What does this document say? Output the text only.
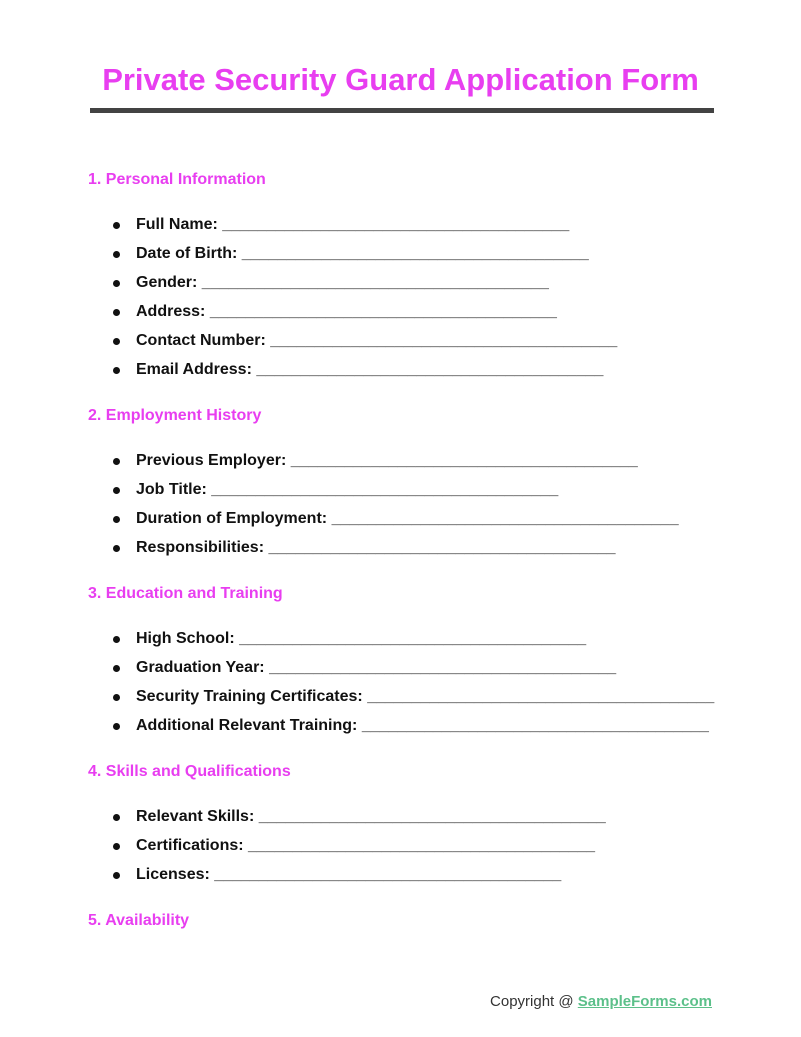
Private Security Guard Application Form
1. Personal Information
Full Name: _______________________________________
Date of Birth: _______________________________________
Gender: _______________________________________
Address: _______________________________________
Contact Number: _______________________________________
Email Address: _______________________________________
2. Employment History
Previous Employer: _______________________________________
Job Title: _______________________________________
Duration of Employment: _______________________________________
Responsibilities: _______________________________________
3. Education and Training
High School: _______________________________________
Graduation Year: _______________________________________
Security Training Certificates: _______________________________________
Additional Relevant Training: _______________________________________
4. Skills and Qualifications
Relevant Skills: _______________________________________
Certifications: _______________________________________
Licenses: _______________________________________
5. Availability
Copyright @ SampleForms.com
